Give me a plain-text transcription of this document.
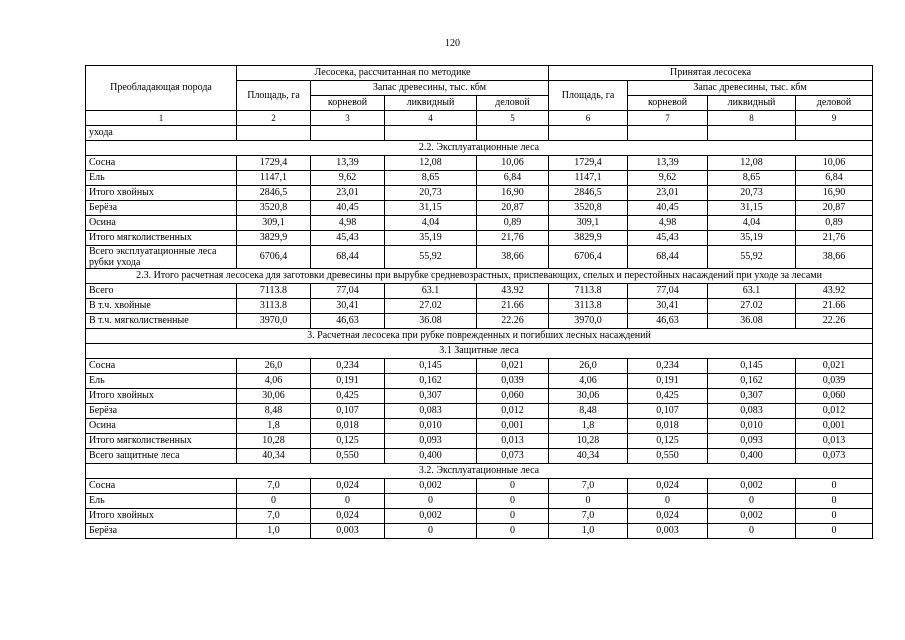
120
Преобладающая порода	Лесосека, рассчитанная по методике				Принятая лесосека			
	Площадь, га	Запас древесины, тыс. кбм			Площадь, га	Запас древесины, тыс. кбм		
		корневой	ликвидный	деловой		корневой	ликвидный	деловой
1	2	3	4	5	6	7	8	9
ухода								
2.2. Эксплуатационные леса								
Сосна	1729,4	13,39	12,08	10,06	1729,4	13,39	12,08	10,06
Ель	1147,1	9,62	8,65	6,84	1147,1	9,62	8,65	6,84
Итого хвойных	2846,5	23,01	20,73	16,90	2846,5	23,01	20,73	16,90
Берёза	3520,8	40,45	31,15	20,87	3520,8	40,45	31,15	20,87
Осина	309,1	4,98	4,04	0,89	309,1	4,98	4,04	0,89
Итого мягколиственных	3829,9	45,43	35,19	21,76	3829,9	45,43	35,19	21,76
Всего эксплуатационные леса рубки ухода	6706,4	68,44	55,92	38,66	6706,4	68,44	55,92	38,66
2.3. Итого расчетная лесосека для заготовки древесины при вырубке средневозрастных, приспевающих, спелых и перестойных насаждений при уходе за лесами								
Всего	7113.8	77,04	63.1	43.92	7113.8	77,04	63.1	43.92
В т.ч. хвойные	3113.8	30,41	27.02	21.66	3113.8	30,41	27.02	21.66
В т.ч. мягколиственные	3970,0	46,63	36.08	22.26	3970,0	46,63	36.08	22.26
3. Расчетная лесосека при рубке поврежденных и погибших лесных насаждений								
3.1 Защитные леса								
Сосна	26,0	0,234	0,145	0,021	26,0	0,234	0,145	0,021
Ель	4,06	0,191	0,162	0,039	4,06	0,191	0,162	0,039
Итого хвойных	30,06	0,425	0,307	0,060	30,06	0,425	0,307	0,060
Берёза	8,48	0,107	0,083	0,012	8,48	0,107	0,083	0,012
Осина	1,8	0,018	0,010	0,001	1,8	0,018	0,010	0,001
Итого мягколиственных	10,28	0,125	0,093	0,013	10,28	0,125	0,093	0,013
Всего защитные леса	40,34	0,550	0,400	0,073	40,34	0,550	0,400	0,073
3.2. Эксплуатационные леса								
Сосна	7,0	0,024	0,002	0	7,0	0,024	0,002	0
Ель	0	0	0	0	0	0	0	0
Итого хвойных	7,0	0,024	0,002	0	7,0	0,024	0,002	0
Берёза	1,0	0,003	0	0	1,0	0,003	0	0
